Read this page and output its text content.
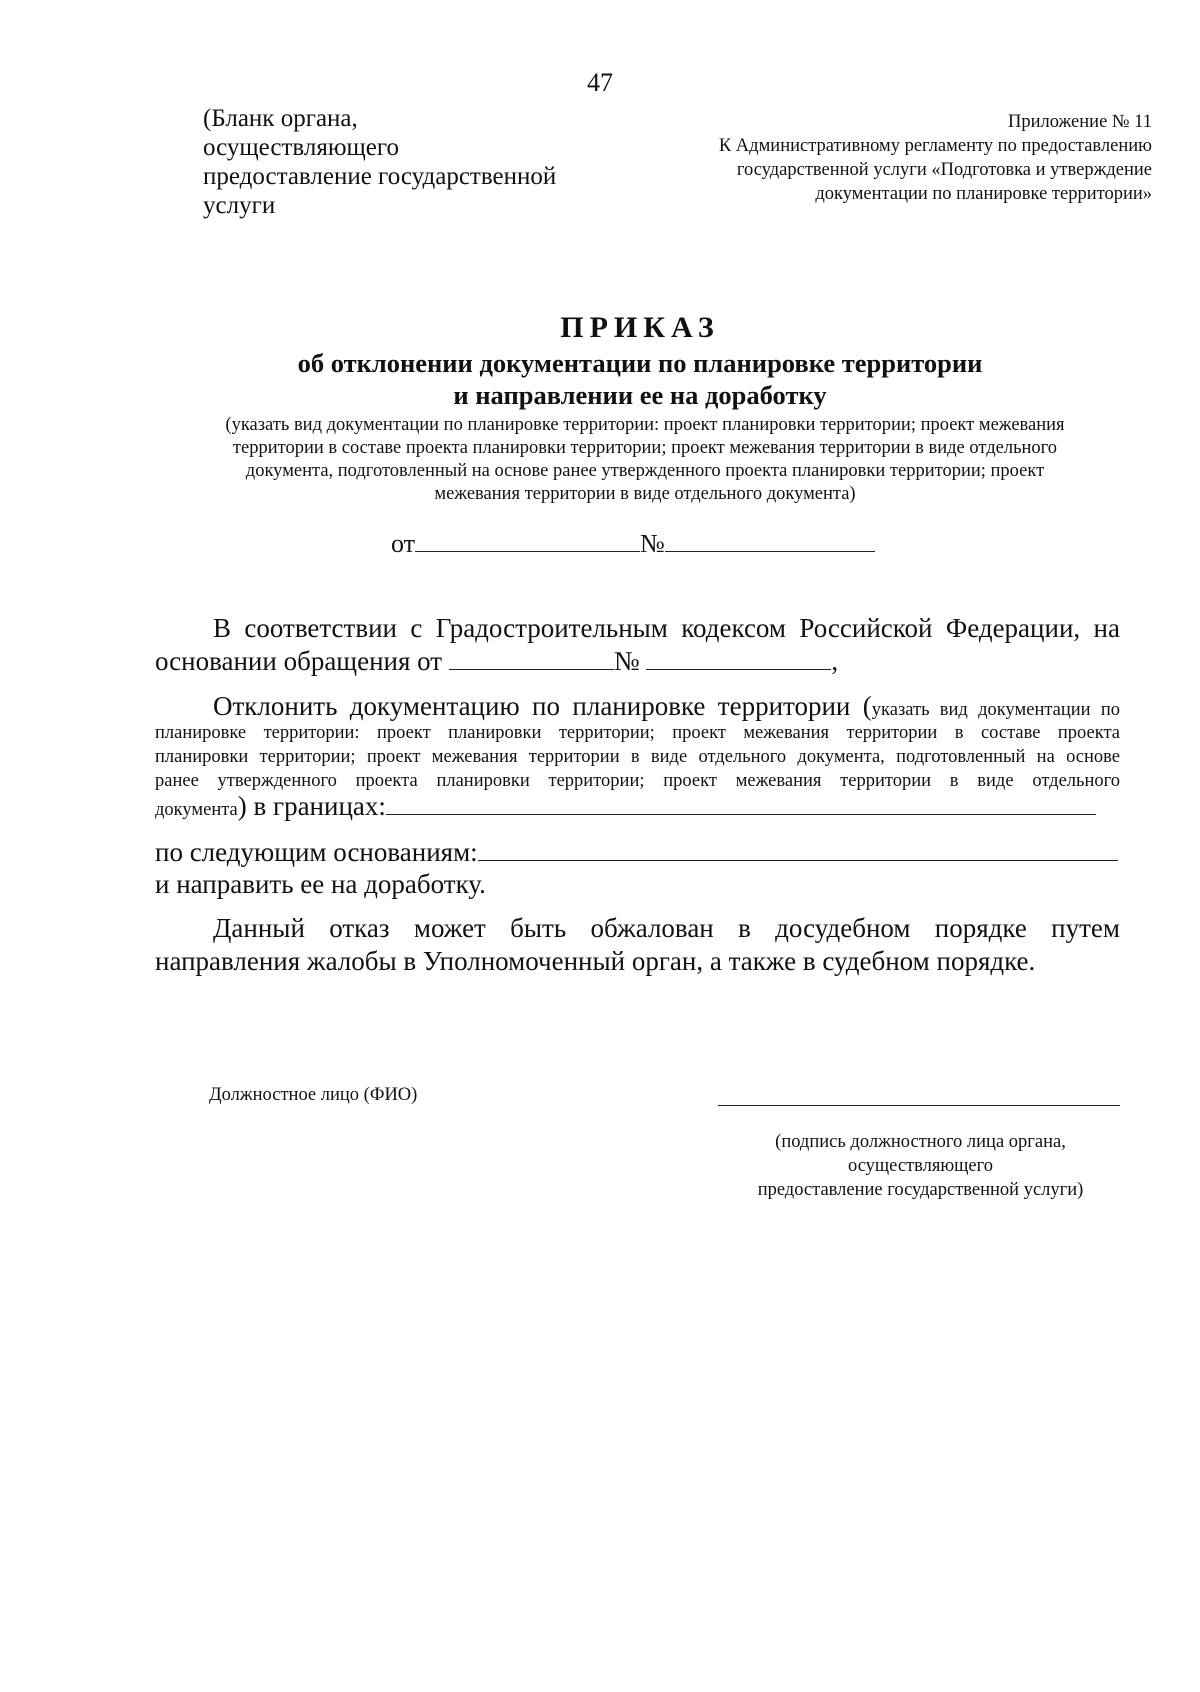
47
(Бланк органа,
осуществляющего
предоставление государственной
услуги
Приложение № 11
К Административному регламенту по предоставлению
государственной услуги «Подготовка и утверждение
документации по планировке территории»
ПРИКАЗ
об отклонении документации по планировке территории
и направлении ее на доработку
(указать вид документации по планировке территории: проект планировки территории; проект межевания
территории в составе проекта планировки территории; проект межевания территории в виде отдельного
документа, подготовленный на основе ранее утвержденного проекта планировки территории; проект
межевания территории в виде отдельного документа)
от	№
В соответствии с Градостроительным кодексом Российской Федерации, на
основании обращения от	№	,
Отклонить документацию по планировке территории (указать вид документации по
планировке территории: проект планировки территории; проект межевания территории в составе проекта
планировки территории; проект межевания территории в виде отдельного документа, подготовленный на основе
ранее утвержденного проекта планировки территории; проект межевания территории в виде отдельного
документа) в границах:
по следующим основаниям:
и направить ее на доработку.
Данный отказ может быть обжалован в досудебном порядке путем
направления жалобы в Уполномоченный орган, а также в судебном порядке.
Должностное лицо (ФИО)
(подпись должностного лица органа,
осуществляющего
предоставление государственной услуги)
